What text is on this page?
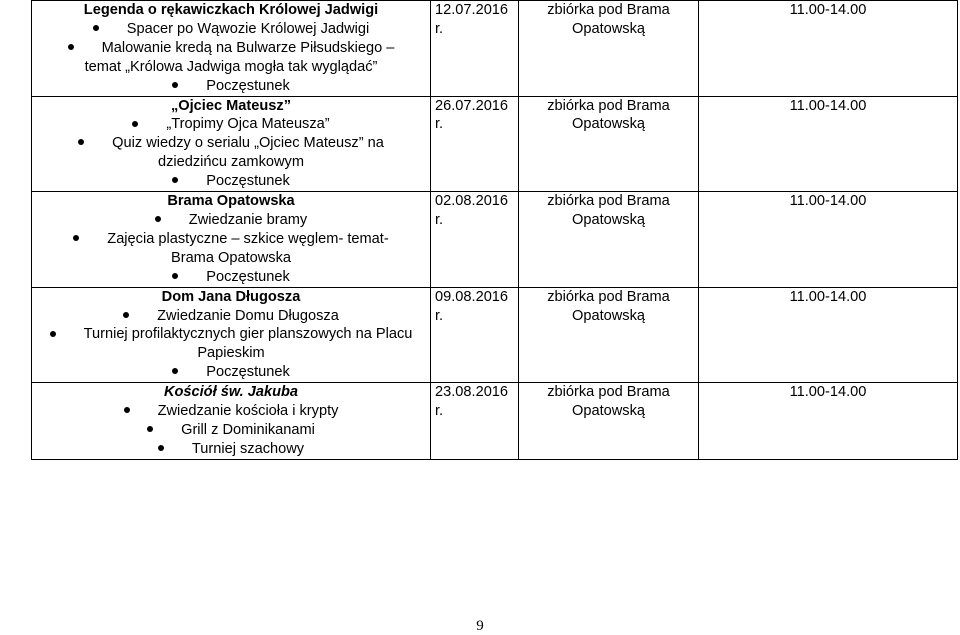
Legenda o rękawiczkach Królowej Jadwigi
Spacer po Wąwozie Królowej Jadwigi
Malowanie kredą na Bulwarze Piłsudskiego –
temat „Królowa Jadwiga mogła tak wyglądać”
Poczęstunek	12.07.2016 r.	zbiórka pod Brama Opatowską	11.00-14.00

„Ojciec Mateusz”
„Tropimy Ojca Mateusza”
Quiz wiedzy o serialu „Ojciec Mateusz” na
dziedzińcu zamkowym
Poczęstunek	26.07.2016 r.	zbiórka pod Brama Opatowską	11.00-14.00

Brama Opatowska
Zwiedzanie bramy
Zajęcia plastyczne – szkice węglem- temat-
Brama Opatowska
Poczęstunek	02.08.2016 r.	zbiórka pod Brama Opatowską	11.00-14.00

Dom Jana Długosza
Zwiedzanie Domu Długosza
Turniej profilaktycznych gier planszowych na Placu
Papieskim
Poczęstunek	09.08.2016 r.	zbiórka pod Brama Opatowską	11.00-14.00

Kościół św. Jakuba
Zwiedzanie kościoła i krypty
Grill z Dominikanami
Turniej szachowy	23.08.2016 r.	zbiórka pod Brama Opatowską	11.00-14.00
9
